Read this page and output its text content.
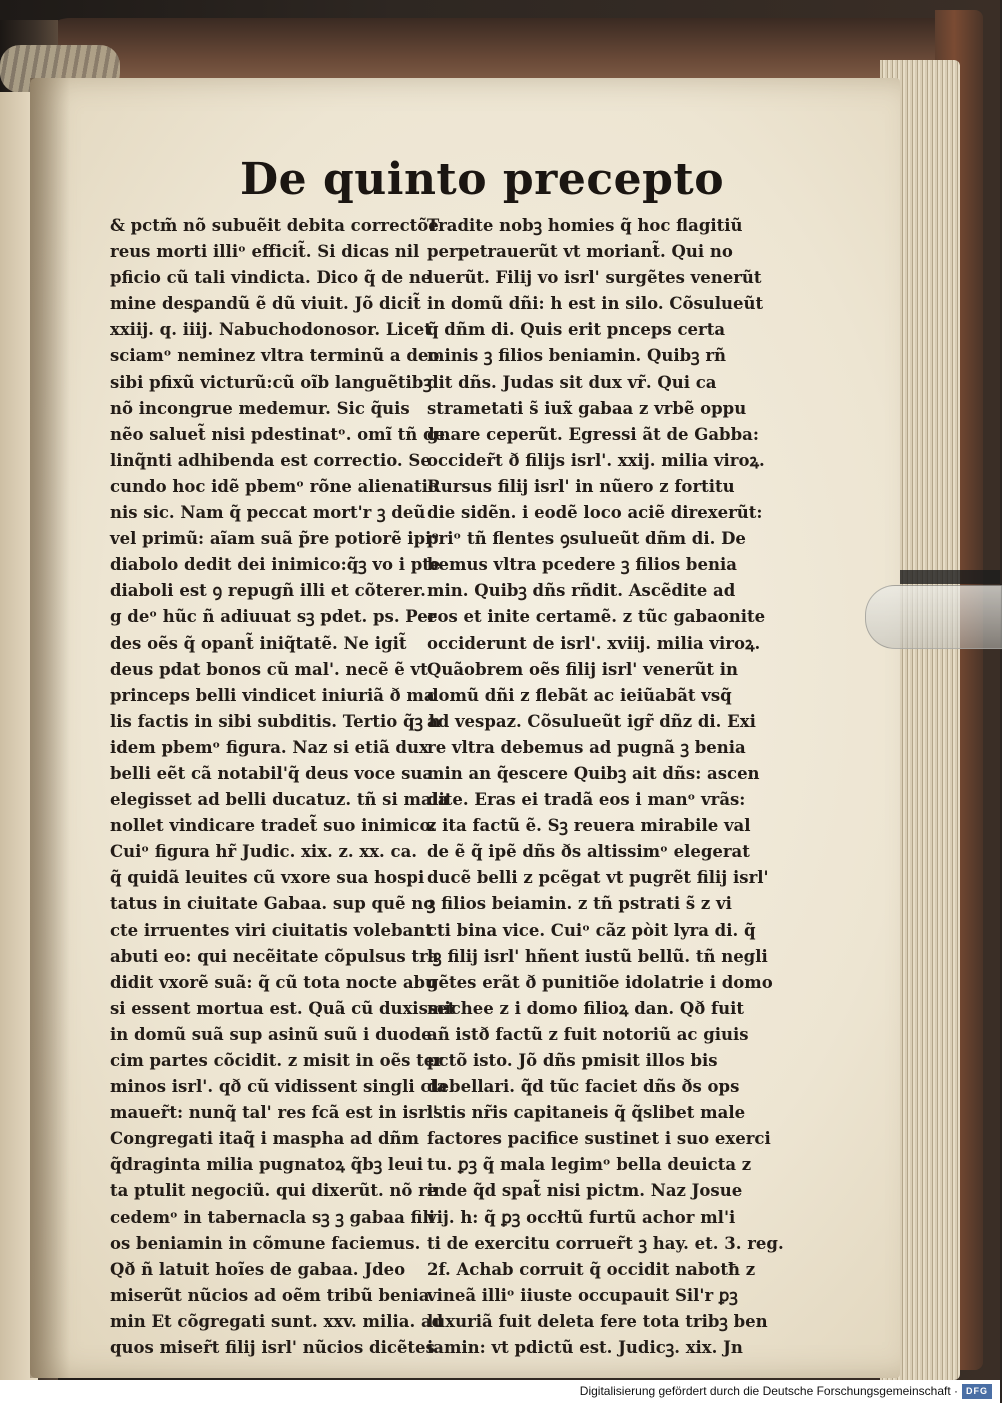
De quinto precepto
& pctm̃ nõ subuẽit debita correctõe.
reus morti illiᵒ efficit̃. Si dicas nil
pficio cũ tali vindicta. Dico q̃ de ne
mine desꝑandũ ẽ dũ viuit. Jõ dicit̃
xxiij. q. iiij. Nabuchodonosor. Licet
sciamᵒ neminez vltra terminũ a deo
sibi pfixũ victurũ:cũ oĩb languẽtibꝫ
nõ incongrue medemur. Sic q̃uis
nẽo saluet̃ nisi pdestinatᵒ. omĩ tñ de
linq̃nti adhibenda est correctio. Se
cundo hoc idẽ pbemᵒ rõne alienatio
nis sic. Nam q̃ peccat mort'r ꝫ deũ
vel primũ: aĩam suã p̃re potiorẽ ipiᵒ
diabolo dedit dei inimico:q̃ꝫ vo i pte
diaboli est ꝯ repugñ illi et cõterer.
g deᵒ hũc ñ adiuuat sꝫ pdet. ps. Per
des oẽs q̃ opant̃ iniq̃tatẽ. Ne igit̃
deus pdat bonos cũ mal'. necẽ ẽ vt
princeps belli vindicet iniuriã ð ma
lis factis in sibi subditis. Tertio q̃ꝫ h
idem pbemᵒ figura. Naz si etiã dux
belli eẽt cã notabil'q̃ deus voce sua
elegisset ad belli ducatuz. tñ si mala
nollet vindicare tradet̃ suo inimico.
Cuiᵒ figura hr̃ Judic. xix. z. xx. ca.
q̃ quidã leuites cũ vxore sua hospi
tatus in ciuitate Gabaa. sup quẽ no
cte irruentes viri ciuitatis volebant
abuti eo: qui necẽitate cõpulsus tra
didit vxorẽ suã: q̃ cũ tota nocte abu
si essent mortua est. Quã cũ duxisset
in domũ suã sup asinũ suũ i duode
cim partes cõcidit. z misit in oẽs ter
minos isrl'. qð cũ vidissent singli cla
mauer̃t: nunq̃ tal' res fcã est in isrl'.
Congregati itaq̃ i maspha ad dñm
q̃draginta milia pugnatoꝝ q̃bꝫ leui
ta ptulit negociũ. qui dixerũt. nõ re
cedemᵒ in tabernacla sꝫ ꝫ gabaa fili
os beniamin in cõmune faciemus.
Qð ñ latuit hoĩes de gabaa. Jdeo
miserũt nũcios ad oẽm tribũ benia
min Et cõgregati sunt. xxv. milia. ad
quos miser̃t filij isrl' nũcios dicẽtes
Tradite nobꝫ homies q̃ hoc flagitiũ
perpetrauerũt vt moriant̃. Qui no
luerũt. Filij vo isrl' surgẽtes venerũt
in domũ dñi: h est in silo. Cõsulueũt
q̃ dñm di. Quis erit pnceps certa
minis ꝫ filios beniamin. Quibꝫ rñ
dit dñs. Judas sit dux vr̃. Qui ca
strametati s̃ iux̃ gabaa z vrbẽ oppu
gnare ceperũt. Egressi ãt de Gabba:
occider̃t ð filijs isrl'. xxij. milia viroꝝ.
Rursus filij isrl' in nũero z fortitu
die sidẽn. i eodẽ loco aciẽ direxerũt:
priᵒ tñ flentes ꝯsulueũt dñm di. De
bemus vltra pcedere ꝫ filios benia
min. Quibꝫ dñs rñdit. Ascẽdite ad
eos et inite certamẽ. z tũc gabaonite
occiderunt de isrl'. xviij. milia viroꝝ.
Quãobrem oẽs filij isrl' venerũt in
domũ dñi z flebãt ac ieiũabãt vsq̃
ad vespaz. Cõsulueũt igr̃ dñz di. Exi
re vltra debemus ad pugnã ꝫ benia
min an q̃escere Quibꝫ ait dñs: ascen
dite. Eras ei tradã eos i manᵒ vrãs:
z ita factũ ẽ. Sꝫ reuera mirabile val
de ẽ q̃ ipẽ dñs ðs altissimᵒ elegerat
ducẽ belli z pcẽgat vt pugrẽt filij isrl'
ꝫ filios beiamin. z tñ pstrati s̃ z vi
cti bina vice. Cuiᵒ cãz pòit lyra di. q̃
lꝫ filij isrl' hñent iustũ bellũ. tñ negli
gẽtes erãt ð punitiõe idolatrie i domo
michee z i domo filioꝝ dan. Qð fuit
añ istð factũ z fuit notoriũ ac giuis
pctõ isto. Jõ dñs pmisit illos bis
debellari. q̃d tũc faciet dñs ðs ops
istis nr̃is capitaneis q̃ q̃slibet male
factores pacifice sustinet i suo exerci
tu. ꝑꝫ q̃ mala legimᵒ bella deuicta z
inde q̃d spat̃ nisi pictm. Naz Josue
vij. h: q̃ ꝑꝫ occłtũ furtũ achor ml'i
ti de exercitu corruer̃t ꝫ hay. et. 3. reg.
2f. Achab corruit q̃ occidit nabotħ z
vineã illiᵒ iiuste occupauit Sil'r ꝑꝫ
luxuriã fuit deleta fere tota tribꝫ ben
iamin: vt pdictũ est. Judicꝫ. xix. Jn
Digitalisierung gefördert durch die Deutsche Forschungsgemeinschaft · DFG
